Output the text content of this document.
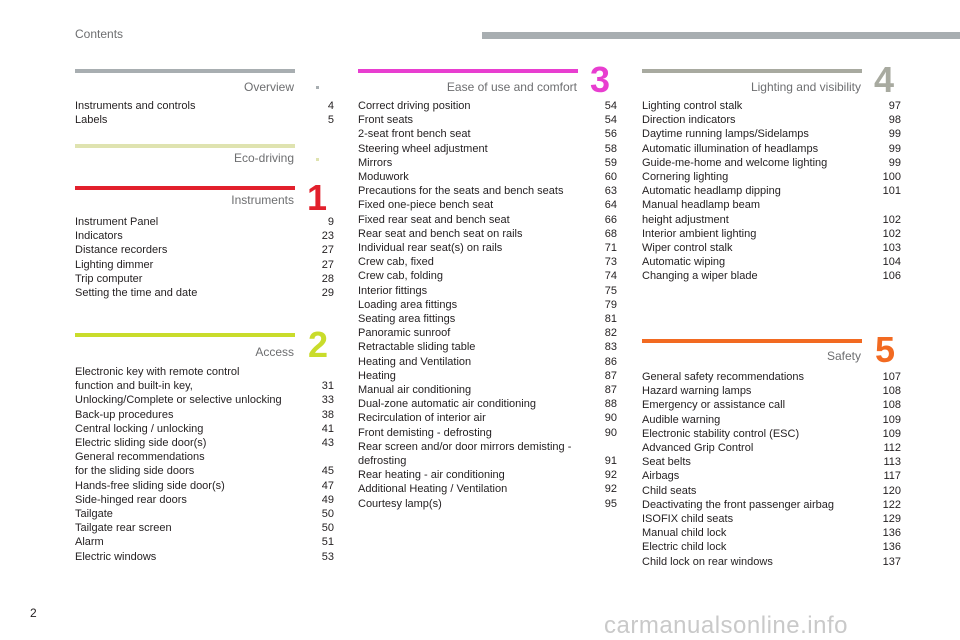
Contents
Overview
Instruments and controls	4
Labels	5
Eco-driving
Instruments 1
Instrument Panel	9
Indicators	23
Distance recorders	27
Lighting dimmer	27
Trip computer	28
Setting the time and date	29
Access 2
Electronic key with remote control
function and built-in key,	31
Unlocking/Complete or selective unlocking	33
Back-up procedures	38
Central locking / unlocking	41
Electric sliding side door(s)	43
General recommendations
for the sliding side doors	45
Hands-free sliding side door(s)	47
Side-hinged rear doors	49
Tailgate	50
Tailgate rear screen	50
Alarm	51
Electric windows	53
Ease of use and comfort 3
Correct driving position	54
Front seats	54
2-seat front bench seat	56
Steering wheel adjustment	58
Mirrors	59
Moduwork	60
Precautions for the seats and bench seats	63
Fixed one-piece bench seat	64
Fixed rear seat and bench seat	66
Rear seat and bench seat on rails	68
Individual rear seat(s) on rails	71
Crew cab, fixed	73
Crew cab, folding	74
Interior fittings	75
Loading area fittings	79
Seating area fittings	81
Panoramic sunroof	82
Retractable sliding table	83
Heating and Ventilation	86
Heating	87
Manual air conditioning	87
Dual-zone automatic air conditioning	88
Recirculation of interior air	90
Front demisting - defrosting	90
Rear screen and/or door mirrors demisting -
defrosting	91
Rear heating - air conditioning	92
Additional Heating / Ventilation	92
Courtesy lamp(s)	95
Lighting and visibility 4
Lighting control stalk	97
Direction indicators	98
Daytime running lamps/Sidelamps	99
Automatic illumination of headlamps	99
Guide-me-home and welcome lighting	99
Cornering lighting	100
Automatic headlamp dipping	101
Manual headlamp beam
height adjustment	102
Interior ambient lighting	102
Wiper control stalk	103
Automatic wiping	104
Changing a wiper blade	106
Safety 5
General safety recommendations	107
Hazard warning lamps	108
Emergency or assistance call	108
Audible warning	109
Electronic stability control (ESC)	109
Advanced Grip Control	112
Seat belts	113
Airbags	117
Child seats	120
Deactivating the front passenger airbag	122
ISOFIX child seats	129
Manual child lock	136
Electric child lock	136
Child lock on rear windows	137
2	carmanualsonline.info
